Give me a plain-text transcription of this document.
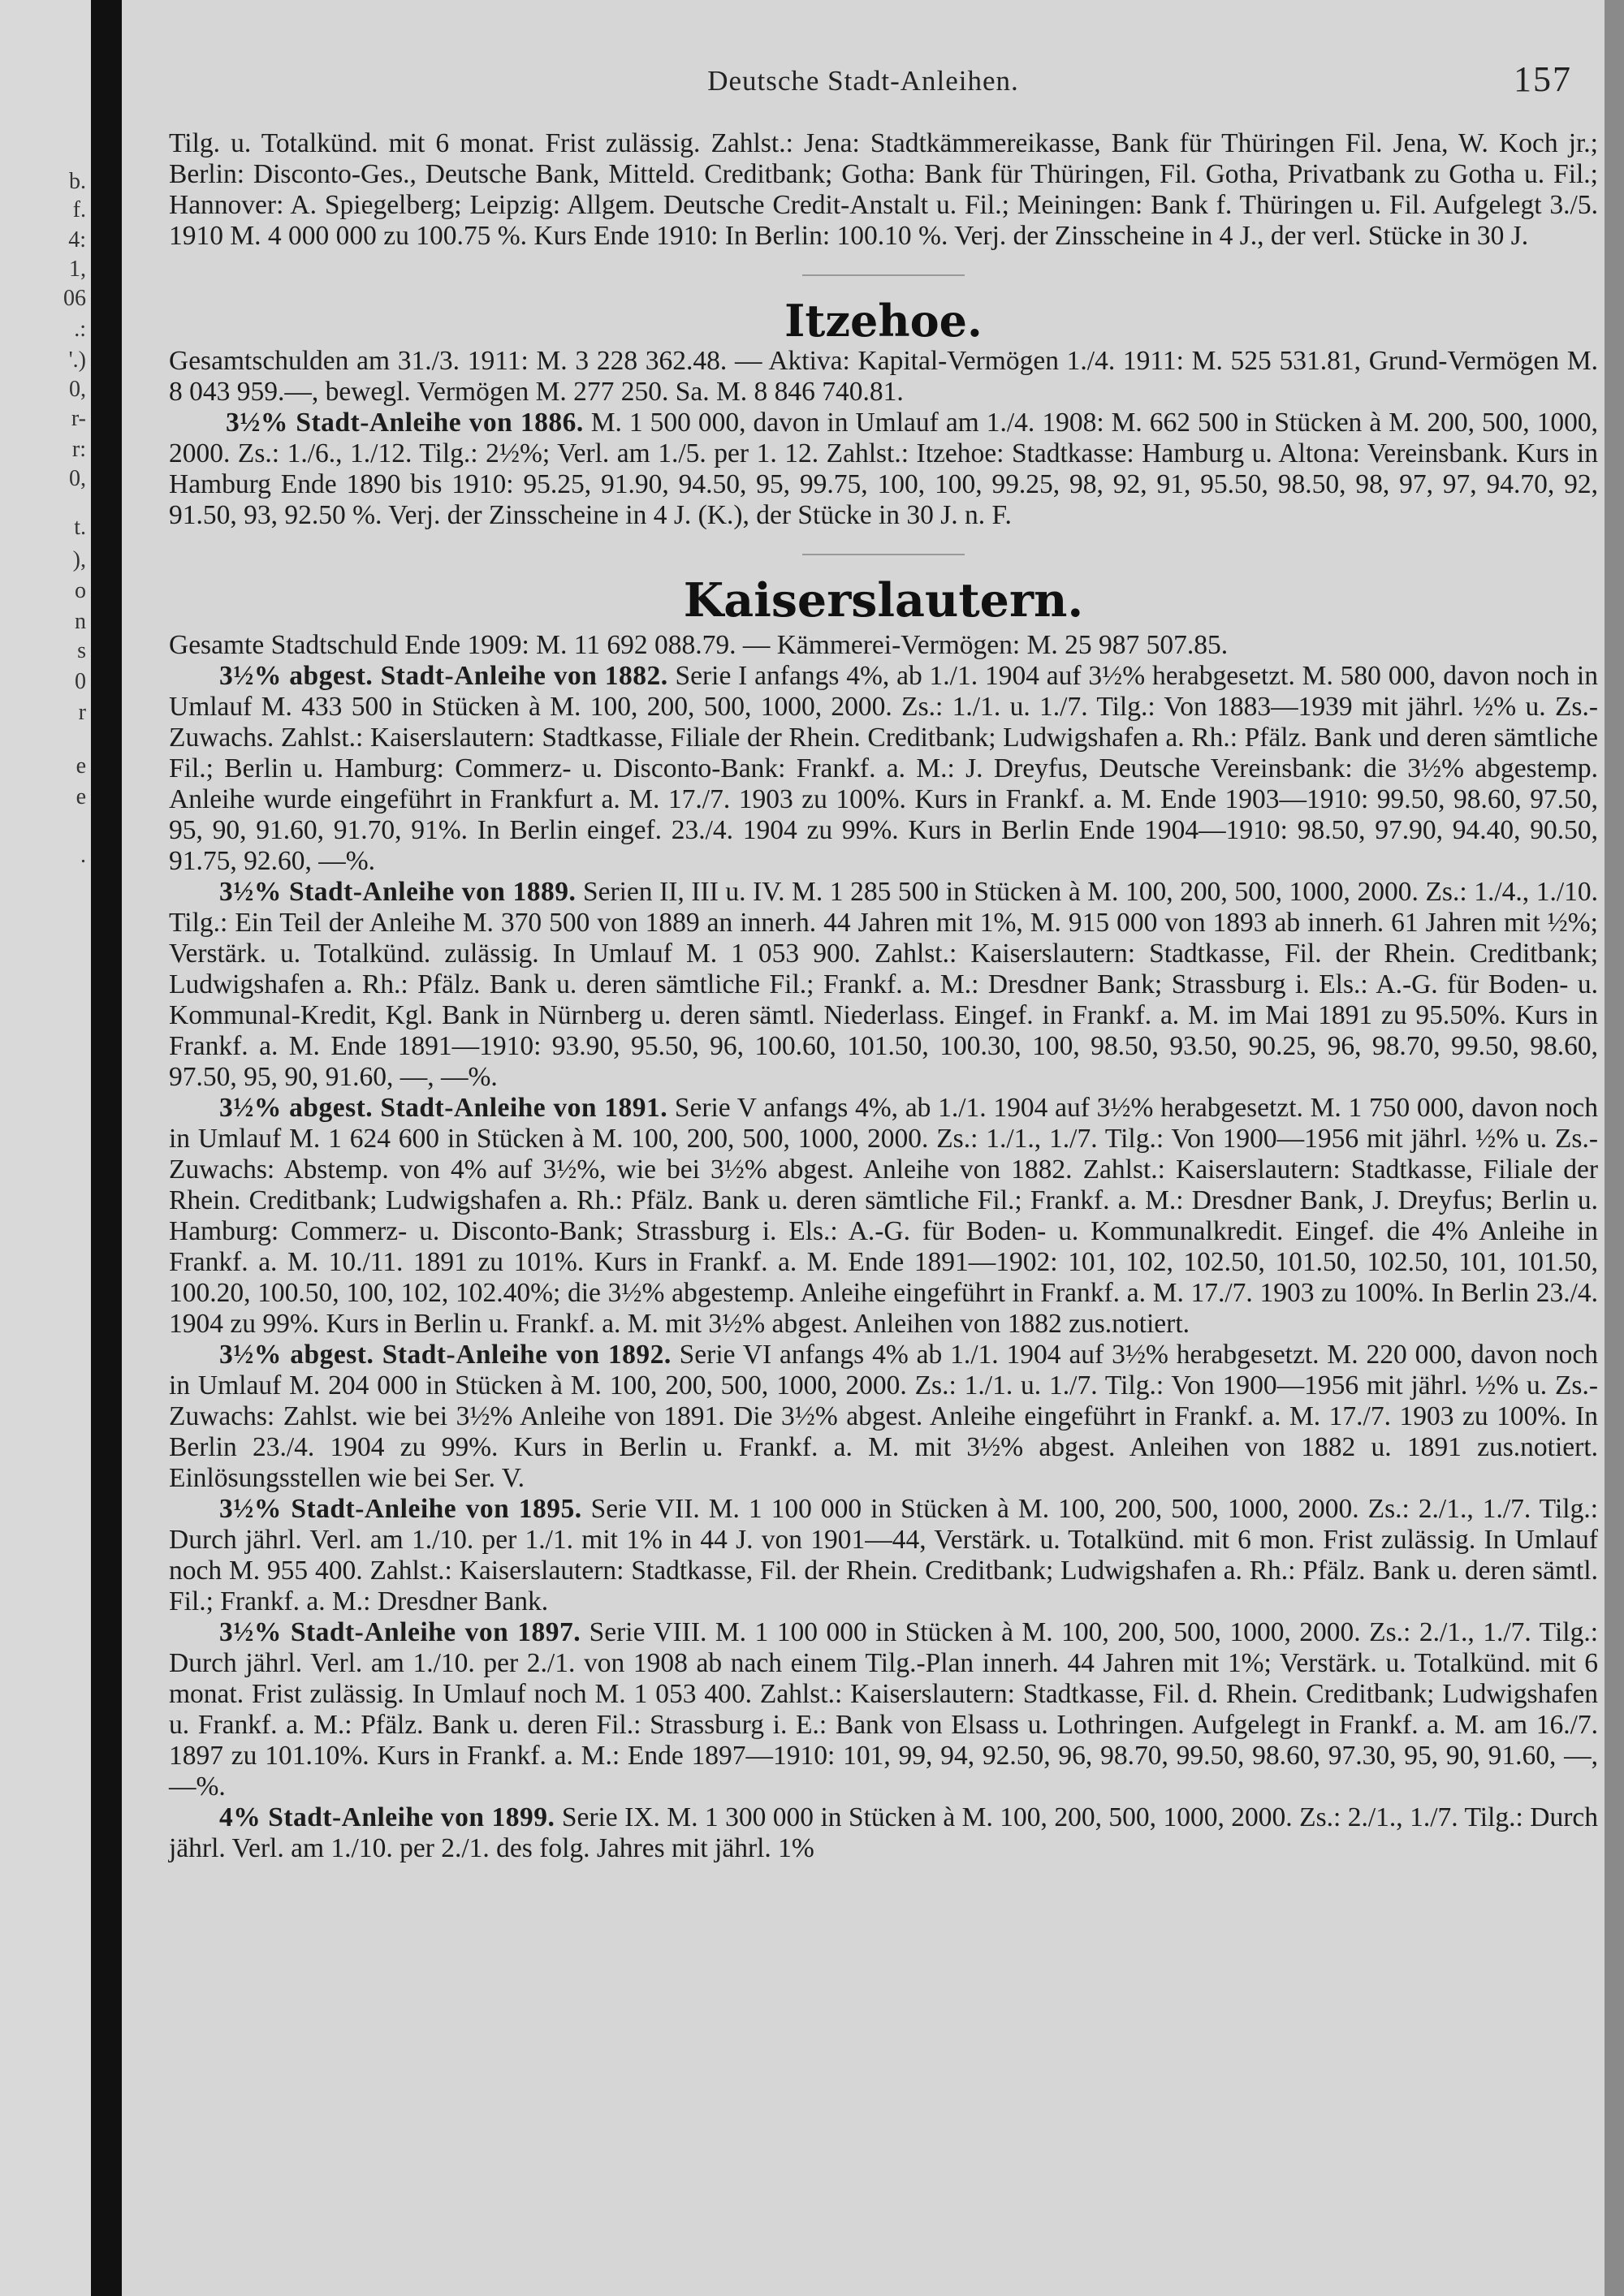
b.
f.
4:
1,
06
.:
'.)
0,
r-
r:
0,
t.
),
o
n
s
0
r
e
e
.
Deutsche Stadt-Anleihen.	157

Tilg. u. Totalkünd. mit 6 monat. Frist zulässig. Zahlst.: Jena: Stadtkämmereikasse, Bank für Thüringen Fil. Jena, W. Koch jr.; Berlin: Disconto-Ges., Deutsche Bank, Mitteld. Creditbank; Gotha: Bank für Thüringen, Fil. Gotha, Privatbank zu Gotha u. Fil.; Hannover: A. Spiegelberg; Leipzig: Allgem. Deutsche Credit-Anstalt u. Fil.; Meiningen: Bank f. Thüringen u. Fil. Aufgelegt 3./5. 1910 M. 4 000 000 zu 100.75 %. Kurs Ende 1910: In Berlin: 100.10 %. Verj. der Zinsscheine in 4 J., der verl. Stücke in 30 J.

Itzehoe.

Gesamtschulden am 31./3. 1911: M. 3 228 362.48. — Aktiva: Kapital-Vermögen 1./4. 1911: M. 525 531.81, Grund-Vermögen M. 8 043 959.—, bewegl. Vermögen M. 277 250. Sa. M. 8 846 740.81.

3½% Stadt-Anleihe von 1886. M. 1 500 000, davon in Umlauf am 1./4. 1908: M. 662 500 in Stücken à M. 200, 500, 1000, 2000. Zs.: 1./6., 1./12. Tilg.: 2½%; Verl. am 1./5. per 1. 12. Zahlst.: Itzehoe: Stadtkasse: Hamburg u. Altona: Vereinsbank. Kurs in Hamburg Ende 1890 bis 1910: 95.25, 91.90, 94.50, 95, 99.75, 100, 100, 99.25, 98, 92, 91, 95.50, 98.50, 98, 97, 97, 94.70, 92, 91.50, 93, 92.50 %. Verj. der Zinsscheine in 4 J. (K.), der Stücke in 30 J. n. F.

Kaiserslautern.

Gesamte Stadtschuld Ende 1909: M. 11 692 088.79. — Kämmerei-Vermögen: M. 25 987 507.85.

3½% abgest. Stadt-Anleihe von 1882. Serie I anfangs 4%, ab 1./1. 1904 auf 3½% herabgesetzt. M. 580 000, davon noch in Umlauf M. 433 500 in Stücken à M. 100, 200, 500, 1000, 2000. Zs.: 1./1. u. 1./7. Tilg.: Von 1883—1939 mit jährl. ½% u. Zs.-Zuwachs. Zahlst.: Kaiserslautern: Stadtkasse, Filiale der Rhein. Creditbank; Ludwigshafen a. Rh.: Pfälz. Bank und deren sämtliche Fil.; Berlin u. Hamburg: Commerz- u. Disconto-Bank: Frankf. a. M.: J. Dreyfus, Deutsche Vereinsbank: die 3½% abgestemp. Anleihe wurde eingeführt in Frankfurt a. M. 17./7. 1903 zu 100%. Kurs in Frankf. a. M. Ende 1903—1910: 99.50, 98.60, 97.50, 95, 90, 91.60, 91.70, 91%. In Berlin eingef. 23./4. 1904 zu 99%. Kurs in Berlin Ende 1904—1910: 98.50, 97.90, 94.40, 90.50, 91.75, 92.60, —%.

3½% Stadt-Anleihe von 1889. Serien II, III u. IV. M. 1 285 500 in Stücken à M. 100, 200, 500, 1000, 2000. Zs.: 1./4., 1./10. Tilg.: Ein Teil der Anleihe M. 370 500 von 1889 an innerh. 44 Jahren mit 1%, M. 915 000 von 1893 ab innerh. 61 Jahren mit ½%; Verstärk. u. Totalkünd. zulässig. In Umlauf M. 1 053 900. Zahlst.: Kaiserslautern: Stadtkasse, Fil. der Rhein. Creditbank; Ludwigshafen a. Rh.: Pfälz. Bank u. deren sämtliche Fil.; Frankf. a. M.: Dresdner Bank; Strassburg i. Els.: A.-G. für Boden- u. Kommunal-Kredit, Kgl. Bank in Nürnberg u. deren sämtl. Niederlass. Eingef. in Frankf. a. M. im Mai 1891 zu 95.50%. Kurs in Frankf. a. M. Ende 1891—1910: 93.90, 95.50, 96, 100.60, 101.50, 100.30, 100, 98.50, 93.50, 90.25, 96, 98.70, 99.50, 98.60, 97.50, 95, 90, 91.60, —, —%.

3½% abgest. Stadt-Anleihe von 1891. Serie V anfangs 4%, ab 1./1. 1904 auf 3½% herabgesetzt. M. 1 750 000, davon noch in Umlauf M. 1 624 600 in Stücken à M. 100, 200, 500, 1000, 2000. Zs.: 1./1., 1./7. Tilg.: Von 1900—1956 mit jährl. ½% u. Zs.-Zuwachs: Abstemp. von 4% auf 3½%, wie bei 3½% abgest. Anleihe von 1882. Zahlst.: Kaiserslautern: Stadtkasse, Filiale der Rhein. Creditbank; Ludwigshafen a. Rh.: Pfälz. Bank u. deren sämtliche Fil.; Frankf. a. M.: Dresdner Bank, J. Dreyfus; Berlin u. Hamburg: Commerz- u. Disconto-Bank; Strassburg i. Els.: A.-G. für Boden- u. Kommunalkredit. Eingef. die 4% Anleihe in Frankf. a. M. 10./11. 1891 zu 101%. Kurs in Frankf. a. M. Ende 1891—1902: 101, 102, 102.50, 101.50, 102.50, 101, 101.50, 100.20, 100.50, 100, 102, 102.40%; die 3½% abgestemp. Anleihe eingeführt in Frankf. a. M. 17./7. 1903 zu 100%. In Berlin 23./4. 1904 zu 99%. Kurs in Berlin u. Frankf. a. M. mit 3½% abgest. Anleihen von 1882 zus.notiert.

3½% abgest. Stadt-Anleihe von 1892. Serie VI anfangs 4% ab 1./1. 1904 auf 3½% herabgesetzt. M. 220 000, davon noch in Umlauf M. 204 000 in Stücken à M. 100, 200, 500, 1000, 2000. Zs.: 1./1. u. 1./7. Tilg.: Von 1900—1956 mit jährl. ½% u. Zs.-Zuwachs: Zahlst. wie bei 3½% Anleihe von 1891. Die 3½% abgest. Anleihe eingeführt in Frankf. a. M. 17./7. 1903 zu 100%. In Berlin 23./4. 1904 zu 99%. Kurs in Berlin u. Frankf. a. M. mit 3½% abgest. Anleihen von 1882 u. 1891 zus.notiert. Einlösungsstellen wie bei Ser. V.

3½% Stadt-Anleihe von 1895. Serie VII. M. 1 100 000 in Stücken à M. 100, 200, 500, 1000, 2000. Zs.: 2./1., 1./7. Tilg.: Durch jährl. Verl. am 1./10. per 1./1. mit 1% in 44 J. von 1901—44, Verstärk. u. Totalkünd. mit 6 mon. Frist zulässig. In Umlauf noch M. 955 400. Zahlst.: Kaiserslautern: Stadtkasse, Fil. der Rhein. Creditbank; Ludwigshafen a. Rh.: Pfälz. Bank u. deren sämtl. Fil.; Frankf. a. M.: Dresdner Bank.

3½% Stadt-Anleihe von 1897. Serie VIII. M. 1 100 000 in Stücken à M. 100, 200, 500, 1000, 2000. Zs.: 2./1., 1./7. Tilg.: Durch jährl. Verl. am 1./10. per 2./1. von 1908 ab nach einem Tilg.-Plan innerh. 44 Jahren mit 1%; Verstärk. u. Totalkünd. mit 6 monat. Frist zulässig. In Umlauf noch M. 1 053 400. Zahlst.: Kaiserslautern: Stadtkasse, Fil. d. Rhein. Creditbank; Ludwigshafen u. Frankf. a. M.: Pfälz. Bank u. deren Fil.: Strassburg i. E.: Bank von Elsass u. Lothringen. Aufgelegt in Frankf. a. M. am 16./7. 1897 zu 101.10%. Kurs in Frankf. a. M.: Ende 1897—1910: 101, 99, 94, 92.50, 96, 98.70, 99.50, 98.60, 97.30, 95, 90, 91.60, —, —%.

4% Stadt-Anleihe von 1899. Serie IX. M. 1 300 000 in Stücken à M. 100, 200, 500, 1000, 2000. Zs.: 2./1., 1./7. Tilg.: Durch jährl. Verl. am 1./10. per 2./1. des folg. Jahres mit jährl. 1%
